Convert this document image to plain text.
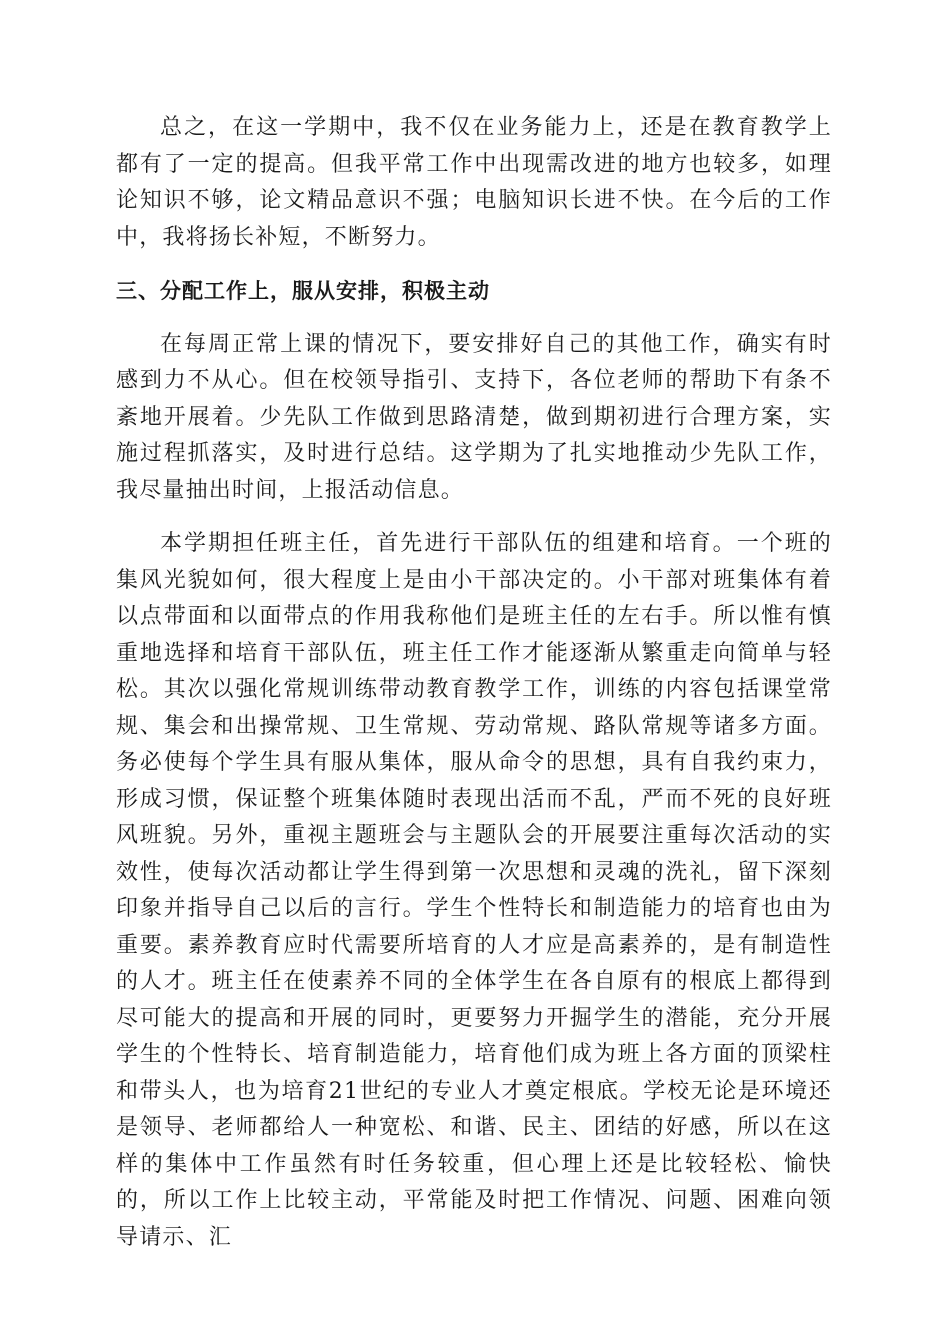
总之，在这一学期中，我不仅在业务能力上，还是在教育教学上都有了一定的提高。但我平常工作中出现需改进的地方也较多，如理论知识不够，论文精品意识不强；电脑知识长进不快。在今后的工作中，我将扬长补短，不断努力。

三、分配工作上，服从安排，积极主动

在每周正常上课的情况下，要安排好自己的其他工作，确实有时感到力不从心。但在校领导指引、支持下，各位老师的帮助下有条不紊地开展着。少先队工作做到思路清楚，做到期初进行合理方案，实施过程抓落实，及时进行总结。这学期为了扎实地推动少先队工作，我尽量抽出时间，上报活动信息。

本学期担任班主任，首先进行干部队伍的组建和培育。一个班的集风光貌如何，很大程度上是由小干部决定的。小干部对班集体有着以点带面和以面带点的作用我称他们是班主任的左右手。所以惟有慎重地选择和培育干部队伍，班主任工作才能逐渐从繁重走向简单与轻松。其次以强化常规训练带动教育教学工作，训练的内容包括课堂常规、集会和出操常规、卫生常规、劳动常规、路队常规等诸多方面。务必使每个学生具有服从集体，服从命令的思想，具有自我约束力，形成习惯，保证整个班集体随时表现出活而不乱，严而不死的良好班风班貌。另外，重视主题班会与主题队会的开展要注重每次活动的实效性，使每次活动都让学生得到第一次思想和灵魂的洗礼，留下深刻印象并指导自己以后的言行。学生个性特长和制造能力的培育也由为重要。素养教育应时代需要所培育的人才应是高素养的，是有制造性的人才。班主任在使素养不同的全体学生在各自原有的根底上都得到尽可能大的提高和开展的同时，更要努力开掘学生的潜能，充分开展学生的个性特长、培育制造能力，培育他们成为班上各方面的顶梁柱和带头人，也为培育21世纪的专业人才奠定根底。学校无论是环境还是领导、老师都给人一种宽松、和谐、民主、团结的好感，所以在这样的集体中工作虽然有时任务较重，但心理上还是比较轻松、愉快的，所以工作上比较主动，平常能及时把工作情况、问题、困难向领导请示、汇
